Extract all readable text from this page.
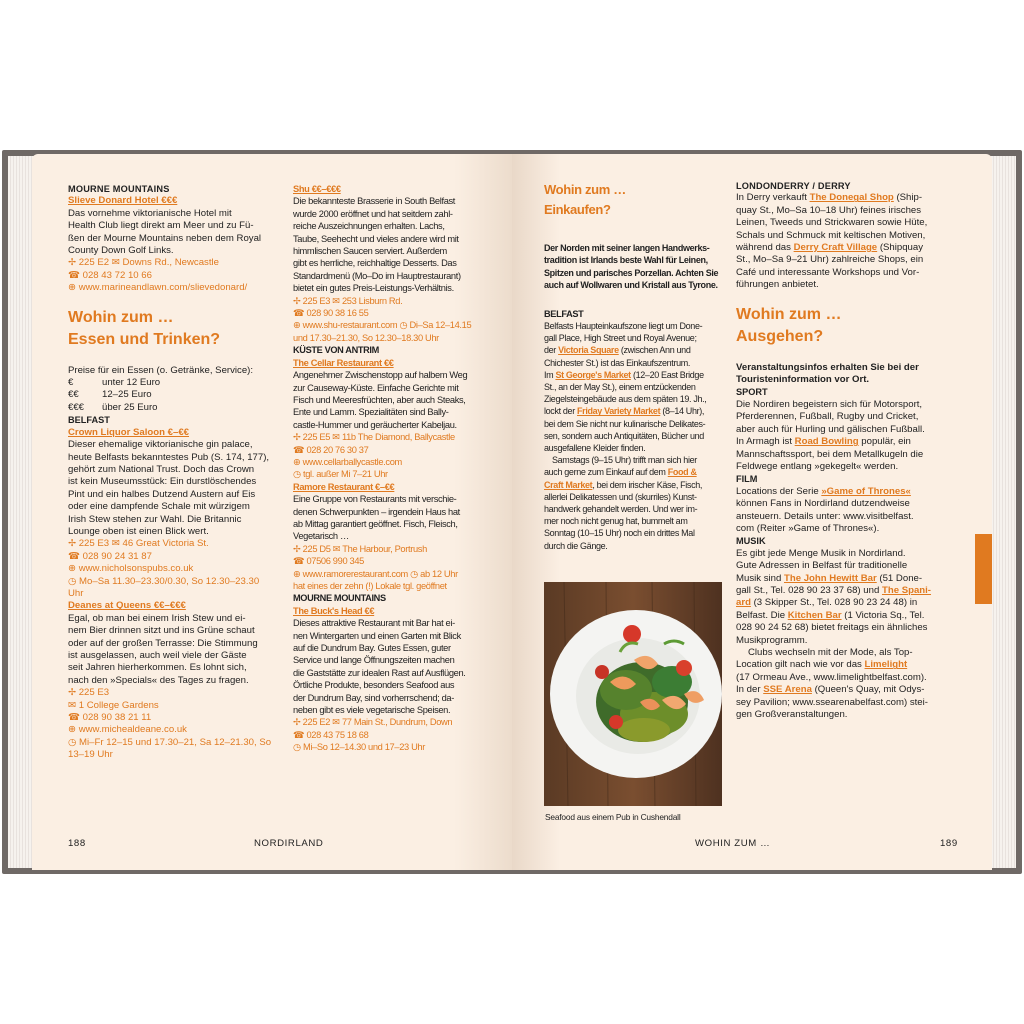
MOURNE MOUNTAINS

Slieve Donard Hotel €€€

Das vornehme viktorianische Hotel mit

Health Club liegt direkt am Meer und zu Fü-

ßen der Mourne Mountains neben dem Royal

County Down Golf Links.

✢ 225 E2 ✉ Downs Rd., Newcastle

☎ 028 43 72 10 66

⊕ www.marineandlawn.com/slievedonard/

Wohin zum …

Essen und Trinken?

Preise für ein Essen (o. Getränke, Service):

€	unter 12 Euro
€€	12–25 Euro
€€€	über 25 Euro

BELFAST

Crown Liquor Saloon €–€€

Dieser ehemalige viktorianische gin palace,

heute Belfasts bekanntestes Pub (S. 174, 177),

gehört zum National Trust. Doch das Crown

ist kein Museumsstück: Ein durstlöschendes

Pint und ein halbes Dutzend Austern auf Eis

oder eine dampfende Schale mit würzigem

Irish Stew stehen zur Wahl. Die Britannic

Lounge oben ist einen Blick wert.

✢ 225 E3 ✉ 46 Great Victoria St.

☎ 028 90 24 31 87

⊕ www.nicholsonspubs.co.uk

◷ Mo–Sa 11.30–23.30/0.30, So 12.30–23.30

Uhr

Deanes at Queens €€–€€€

Egal, ob man bei einem Irish Stew und ei-

nem Bier drinnen sitzt und ins Grüne schaut

oder auf der großen Terrasse: Die Stimmung

ist ausgelassen, auch weil viele der Gäste

seit Jahren hierherkommen. Es lohnt sich,

nach den »Specials« des Tages zu fragen.

✢ 225 E3

✉ 1 College Gardens

☎ 028 90 38 21 11

⊕ www.michealdeane.co.uk

◷ Mi–Fr 12–15 und 17.30–21, Sa 12–21.30, So

13–19 Uhr

Shu €€–€€€

Die bekannteste Brasserie in South Belfast

wurde 2000 eröffnet und hat seitdem zahl-

reiche Auszeichnungen erhalten. Lachs,

Taube, Seehecht und vieles andere wird mit

himmlischen Saucen serviert. Außerdem

gibt es herrliche, reichhaltige Desserts. Das

Standardmenü (Mo–Do im Hauptrestaurant)

bietet ein gutes Preis-Leistungs-Verhältnis.

✢ 225 E3 ✉ 253 Lisburn Rd.

☎ 028 90 38 16 55

⊕ www.shu-restaurant.com ◷ Di–Sa 12–14.15

und 17.30–21.30, So 12.30–18.30 Uhr

KÜSTE VON ANTRIM

The Cellar Restaurant €€

Angenehmer Zwischenstopp auf halbem Weg

zur Causeway-Küste. Einfache Gerichte mit

Fisch und Meeresfrüchten, aber auch Steaks,

Ente und Lamm. Spezialitäten sind Bally-

castle-Hummer und geräucherter Kabeljau.

✢ 225 E5 ✉ 11b The Diamond, Ballycastle

☎ 028 20 76 30 37

⊕ www.cellarballycastle.com

◷ tgl. außer Mi 7–21 Uhr

Ramore Restaurant €–€€

Eine Gruppe von Restaurants mit verschie-

denen Schwerpunkten – irgendein Haus hat

ab Mittag garantiert geöffnet. Fisch, Fleisch,

Vegetarisch …

✢ 225 D5 ✉ The Harbour, Portrush

☎ 07506 990 345

⊕ www.ramorerestaurant.com ◷ ab 12 Uhr

hat eines der zehn (!) Lokale tgl. geöffnet

MOURNE MOUNTAINS

The Buck's Head €€

Dieses attraktive Restaurant mit Bar hat ei-

nen Wintergarten und einen Garten mit Blick

auf die Dundrum Bay. Gutes Essen, guter

Service und lange Öffnungszeiten machen

die Gaststätte zur idealen Rast auf Ausflügen.

Örtliche Produkte, besonders Seafood aus

der Dundrum Bay, sind vorherrschend; da-

neben gibt es viele vegetarische Speisen.

✢ 225 E2 ✉ 77 Main St., Dundrum, Down

☎ 028 43 75 18 68

◷ Mi–So 12–14.30 und 17–23 Uhr

188	NORDIRLAND

Wohin zum …

Einkaufen?

Der Norden mit seiner langen Handwerks-

tradition ist Irlands beste Wahl für Leinen,

Spitzen und parisches Porzellan. Achten Sie

auch auf Wollwaren und Kristall aus Tyrone.

BELFAST

Belfasts Haupteinkaufszone liegt um Done-

gall Place, High Street und Royal Avenue;

der Victoria Square (zwischen Ann und

Chichester St.) ist das Einkaufszentrum.

Im St George's Market (12–20 East Bridge

St., an der May St.), einem entzückenden

Ziegelsteingebäude aus dem späten 19. Jh.,

lockt der Friday Variety Market (8–14 Uhr),

bei dem Sie nicht nur kulinarische Delikates-

sen, sondern auch Antiquitäten, Bücher und

ausgefallene Kleider finden.

Samstags (9–15 Uhr) trifft man sich hier

auch gerne zum Einkauf auf dem Food &

Craft Market, bei dem irischer Käse, Fisch,

allerlei Delikatessen und (skurriles) Kunst-

handwerk gehandelt werden. Und wer im-

mer noch nicht genug hat, bummelt am

Sonntag (10–15 Uhr) noch ein drittes Mal

durch die Gänge.

Seafood aus einem Pub in Cushendall

LONDONDERRY / DERRY

In Derry verkauft The Donegal Shop (Ship-

quay St., Mo–Sa 10–18 Uhr) feines irisches

Leinen, Tweeds und Strickwaren sowie Hüte,

Schals und Schmuck mit keltischen Motiven,

während das Derry Craft Village (Shipquay

St., Mo–Sa 9–21 Uhr) zahlreiche Shops, ein

Café und interessante Workshops und Vor-

führungen anbietet.

Wohin zum …

Ausgehen?

Veranstaltungsinfos erhalten Sie bei der

Touristeninformation vor Ort.

SPORT

Die Nordiren begeistern sich für Motorsport,

Pferderennen, Fußball, Rugby und Cricket,

aber auch für Hurling und gälischen Fußball.

In Armagh ist Road Bowling populär, ein

Mannschaftssport, bei dem Metallkugeln die

Feldwege entlang »gekegelt« werden.

FILM

Locations der Serie »Game of Thrones«

können Fans in Nordirland dutzendweise

ansteuern. Details unter: www.visitbelfast.

com (Reiter »Game of Thrones«).

MUSIK

Es gibt jede Menge Musik in Nordirland.

Gute Adressen in Belfast für traditionelle

Musik sind The John Hewitt Bar (51 Done-

gall St., Tel. 028 90 23 37 68) und The Spani-

ard (3 Skipper St., Tel. 028 90 23 24 48) in

Belfast. Die Kitchen Bar (1 Victoria Sq., Tel.

028 90 24 52 68) bietet freitags ein ähnliches

Musikprogramm.

Clubs wechseln mit der Mode, als Top-

Location gilt nach wie vor das Limelight

(17 Ormeau Ave., www.limelightbelfast.com).

In der SSE Arena (Queen's Quay, mit Odys-

sey Pavilion; www.ssearenabelfast.com) stei-

gen Großveranstaltungen.

WOHIN ZUM …	189
